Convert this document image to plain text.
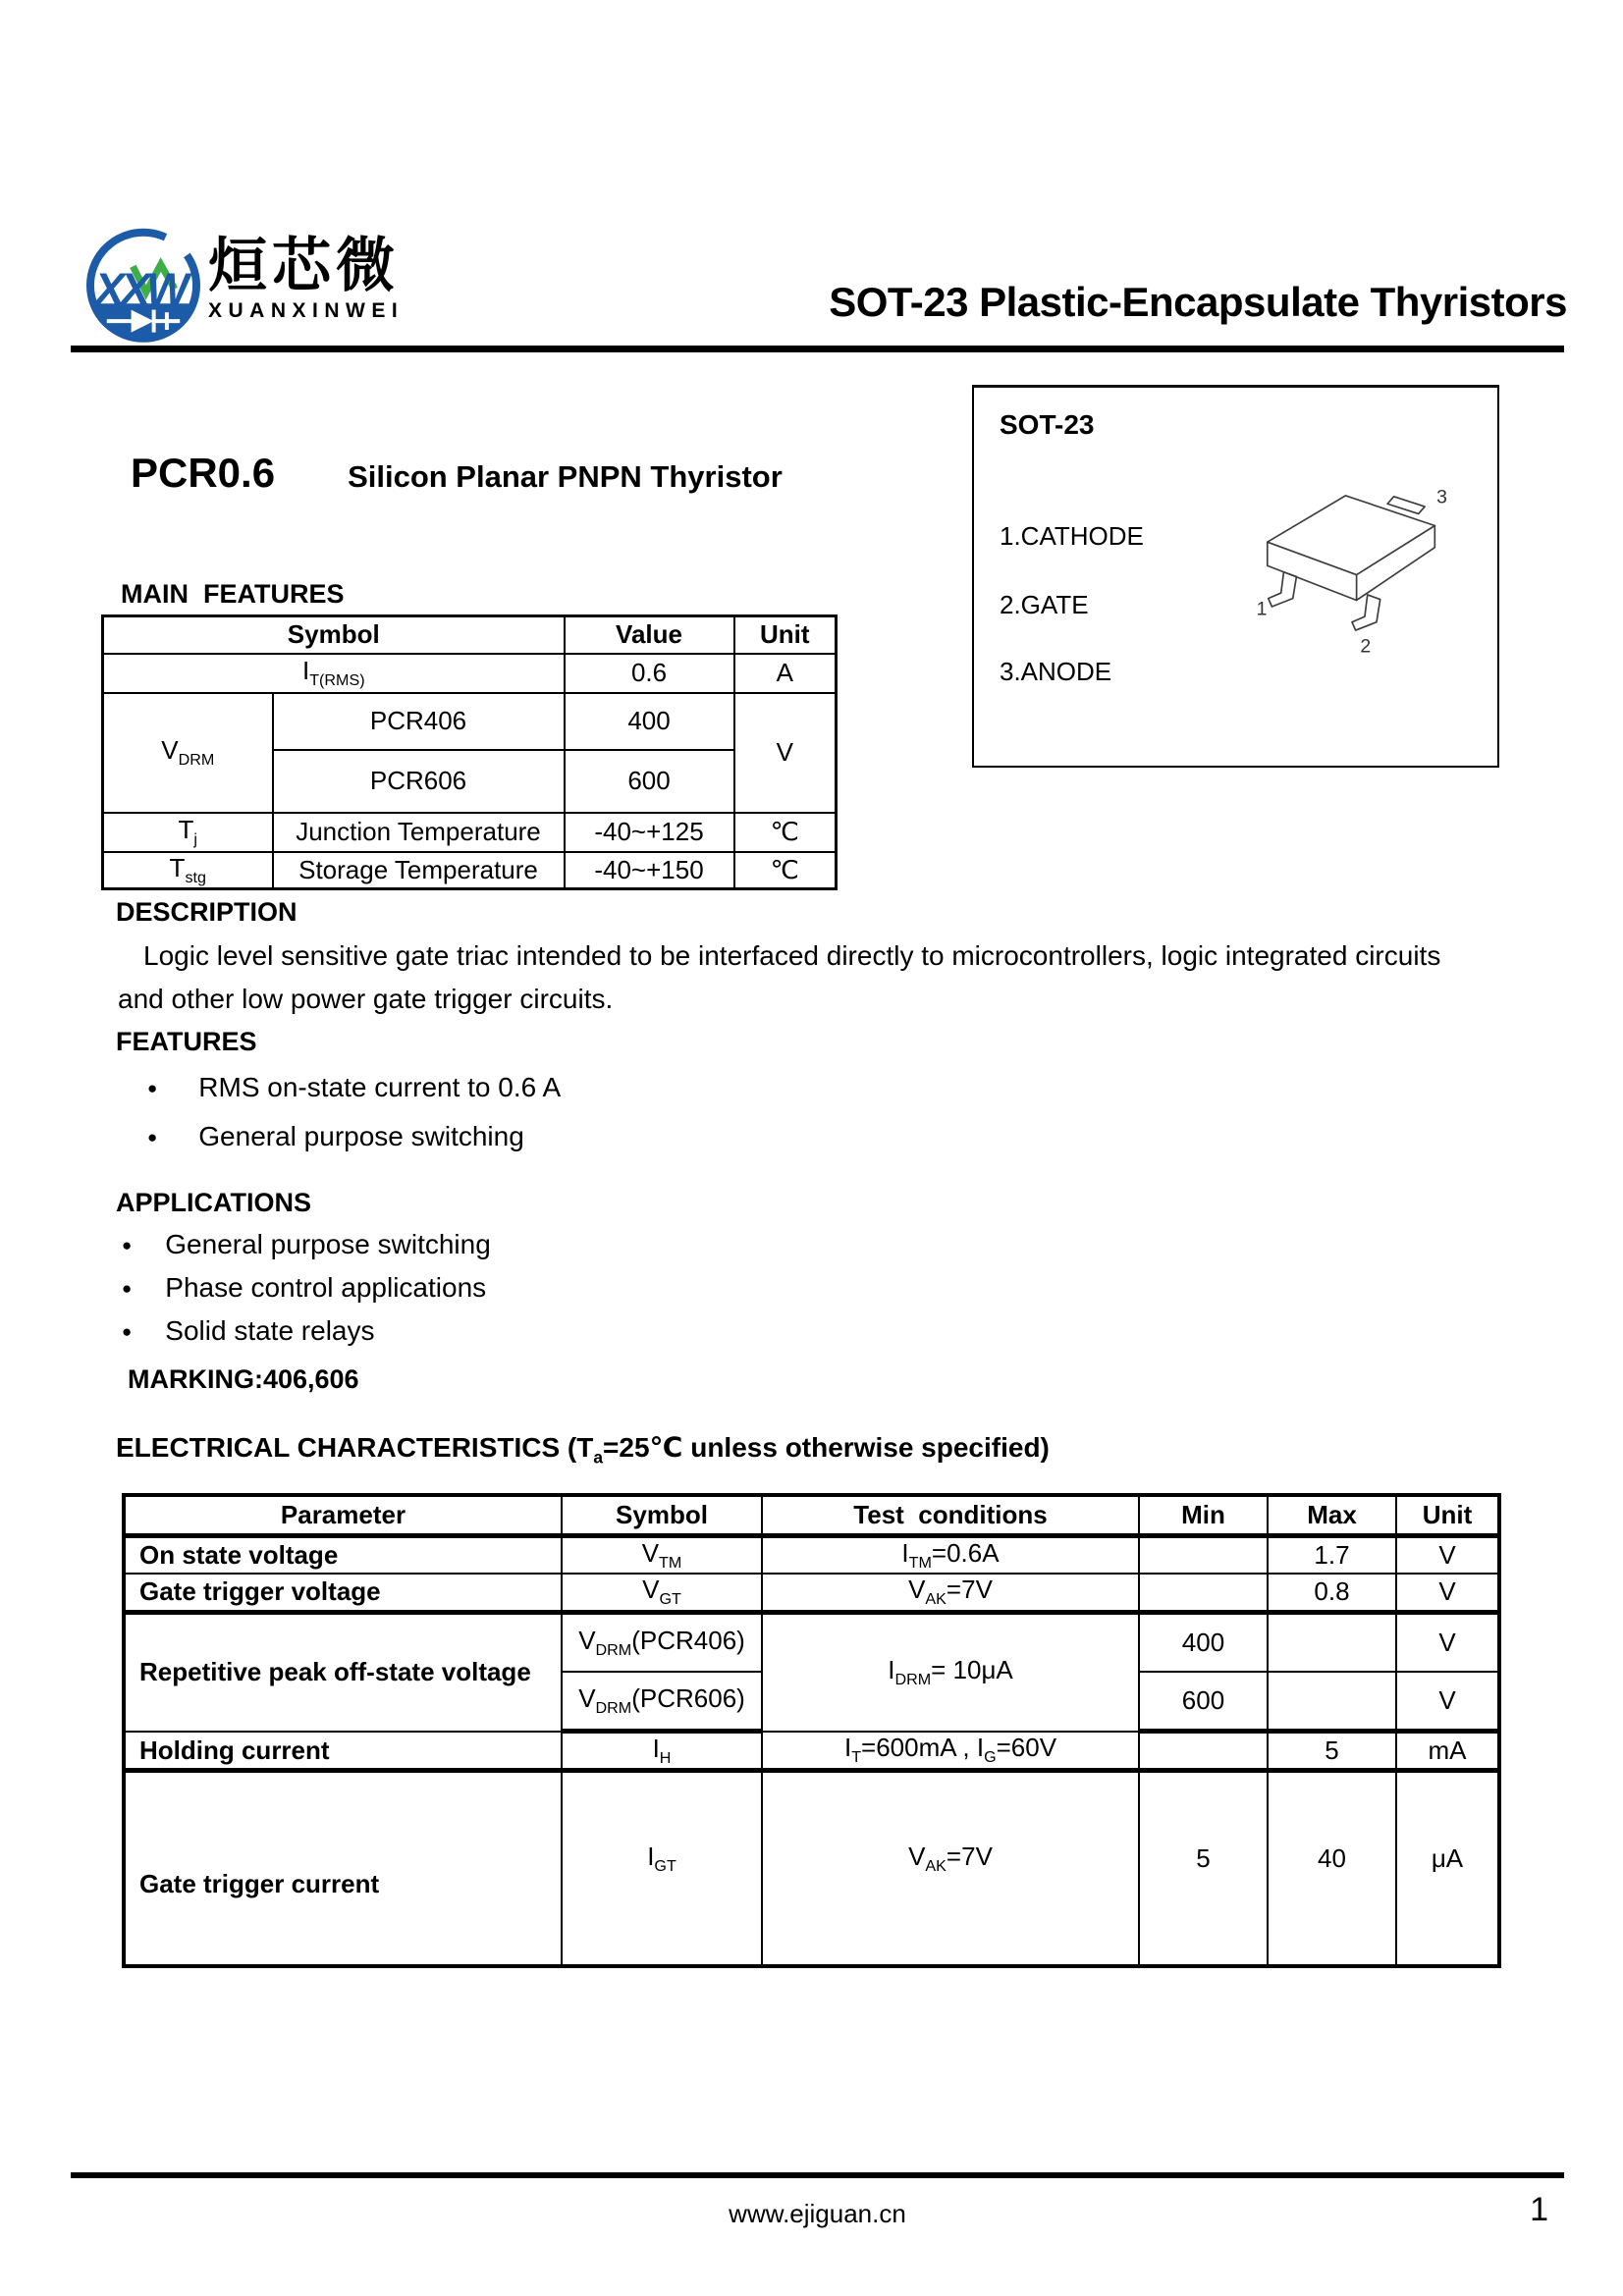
XXW 烜芯微
XUANXINWEI	SOT-23 Plastic-Encapsulate Thyristors
SOT-23
1.CATHODE
2.GATE
3.ANODE
1
2
3
PCR0.6 Silicon Planar PNPN Thyristor
MAIN  FEATURES
Symbol		Value	Unit
$I_{T(RMS)}$		0.6	A
$V_{DRM}$	PCR406	400	V
	PCR606	600	
$T_j$	Junction Temperature	-40~+125	℃
$T_{stg}$	Storage Temperature	-40~+150	℃
DESCRIPTION
Logic level sensitive gate triac intended to be interfaced directly to microcontrollers, logic integrated circuits
and other low power gate trigger circuits.
FEATURES
● RMS on-state current to 0.6 A
● General purpose switching
APPLICATIONS
● General purpose switching
● Phase control applications
● Solid state relays
MARKING:406,606
ELECTRICAL CHARACTERISTICS ($T_a=25℃$ unless otherwise specified)
Parameter	Symbol	Test  conditions	Min	Max	Unit
On state voltage	$V_{TM}$	$I_{TM}=0.6A$		1.7	V
Gate trigger voltage	$V_{GT}$	$V_{AK}=7V$		0.8	V
Repetitive peak off-state voltage	$V_{DRM}(PCR406)$	$I_{DRM}= 10\mu A$	400		V
	$V_{DRM}(PCR606)$		600		V
Holding current	$I_H$	$I_T=600mA$ , $I_G=60V$		5	mA
Gate trigger current	$I_{GT}$	$V_{AK}=7V$	5	40	μA
www.ejiguan.cn	1
